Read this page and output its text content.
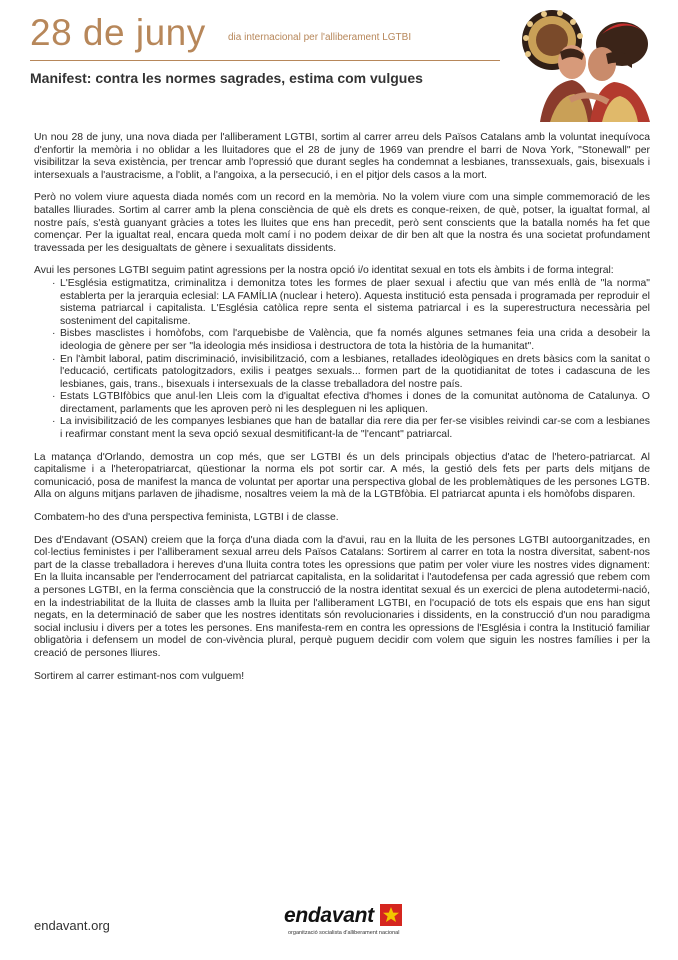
28 de juny dia internacional per l'alliberament LGTBI
Manifest: contra les normes sagrades, estima com vulgues

Un nou 28 de juny, una nova diada per l'alliberament LGTBI, sortim al carrer arreu dels Països Catalans amb la voluntat inequívoca d'enfortir la memòria i no oblidar a les lluitadores que el 28 de juny de 1969 van prendre el barri de Nova York, "Stonewall" per visibilitzar la seva existència, per trencar amb l'opressió que durant segles ha condemnat a lesbianes, transsexuals, gais, bisexuals i intersexuals a l'austracisme, a l'oblit, a l'angoixa, a la persecució, i en el pitjor dels casos a la mort.

Però no volem viure aquesta diada només com un record en la memòria. No la volem viure com una simple commemoració de les batalles lliurades. Sortim al carrer amb la plena consciència de què els drets es conque-reixen, de què, potser, la igualtat formal, al nostre país, s'està guanyant gràcies a totes les lluites que ens han precedit, però sent conscients que la batalla només ha fet que començar. Per la igualtat real, encara queda molt camí i no podem deixar de dir ben alt que la nostra és una societat profundament travessada per les desigualtats de gènere i sexualitats dissidents.

Avui les persones LGTBI seguim patint agressions per la nostra opció i/o identitat sexual en tots els àmbits i de forma integral:

· L'Església estigmatitza, criminalitza i demonitza totes les formes de plaer sexual i afectiu que van més enllà de "la norma" establerta per la jerarquia eclesial: LA FAMÍLIA (nuclear i hetero). Aquesta institució esta pensada i programada per reproduir el sistema patriarcal i capitalista. L'Església catòlica repre senta el sistema patriarcal i es la superestructura necessària pel sosteniment del capitalisme.
· Bisbes masclistes i homòfobs, com l'arquebisbe de València, que fa només algunes setmanes feia una crida a desobeir la ideologia de gènere per ser "la ideologia més insidiosa i destructora de tota la història de la humanitat".
· En l'àmbit laboral, patim discriminació, invisibilització, com a lesbianes, retallades ideològiques en drets bàsics com la sanitat o l'educació, certificats patologitzadors, exilis i peatges sexuals... formen part de la quotidianitat de totes i cadascuna de les lesbianes, gais, trans., bisexuals i intersexuals de la classe treballadora del nostre país.
· Estats LGTBIfòbics que anul·len Lleis com la d'igualtat efectiva d'homes i dones de la comunitat autònoma de Catalunya. O directament, parlaments que les aproven però ni les despleguen ni les apliquen.
· La invisibilització de les companyes lesbianes que han de batallar dia rere dia per fer-se visibles reivindi car-se com a lesbianes i reafirmar constant ment la seva opció sexual desmitificant-la de "l'encant" patriarcal.

La matança d'Orlando, demostra un cop més, que ser LGTBI és un dels principals objectius d'atac de l'hetero-patriarcat. Al capitalisme i a l'heteropatriarcat, qüestionar la norma els pot sortir car. A més, la gestió dels fets per parts dels mitjans de comunicació, posa de manifest la manca de voluntat per aportar una perspectiva global de les problemàtiques de les persones LGTB. Alla on alguns mitjans parlaven de jihadisme, nosaltres veiem la mà de la LGTBfòbia. El patriarcat apunta i els homòfobs disparen.

Combatem-ho des d'una perspectiva feminista, LGTBI i de classe.

Des d'Endavant (OSAN) creiem que la força d'una diada com la d'avui, rau en la lluita de les persones LGTBI autoorganitzades, en col·lectius feministes i per l'alliberament sexual arreu dels Països Catalans: Sortirem al carrer en tota la nostra diversitat, sabent-nos part de la classe treballadora i hereves d'una lluita contra totes les opressions que patim per voler viure les nostres vides dignament: En la lluita incansable per l'enderrocament del patriarcat capitalista, en la solidaritat i l'autodefensa per cada agressió que rebem com a persones LGTBI, en la ferma consciència que la construcció de la nostra identitat sexual és un exercici de plena autodetermi-nació, en la indestriabilitat de la lluita de classes amb la lluita per l'alliberament LGTBI, en l'ocupació de tots els espais que ens han sigut negats, en la determinació de saber que les nostres identitats són revolucionaries i dissidents, en la construcció d'un nou paradigma social inclusiu i divers per a totes les persones. Ens manifesta-rem en contra les opressions de l'Església i contra la Institució familiar obligatòria i defensem un model de con-vivència plural, perquè puguem decidir com volem que siguin les nostres famílies i per la creació de persones lliures.

Sortirem al carrer estimant-nos com vulguem!

endavant.org	endavant
organització socialista d'alliberament nacional
